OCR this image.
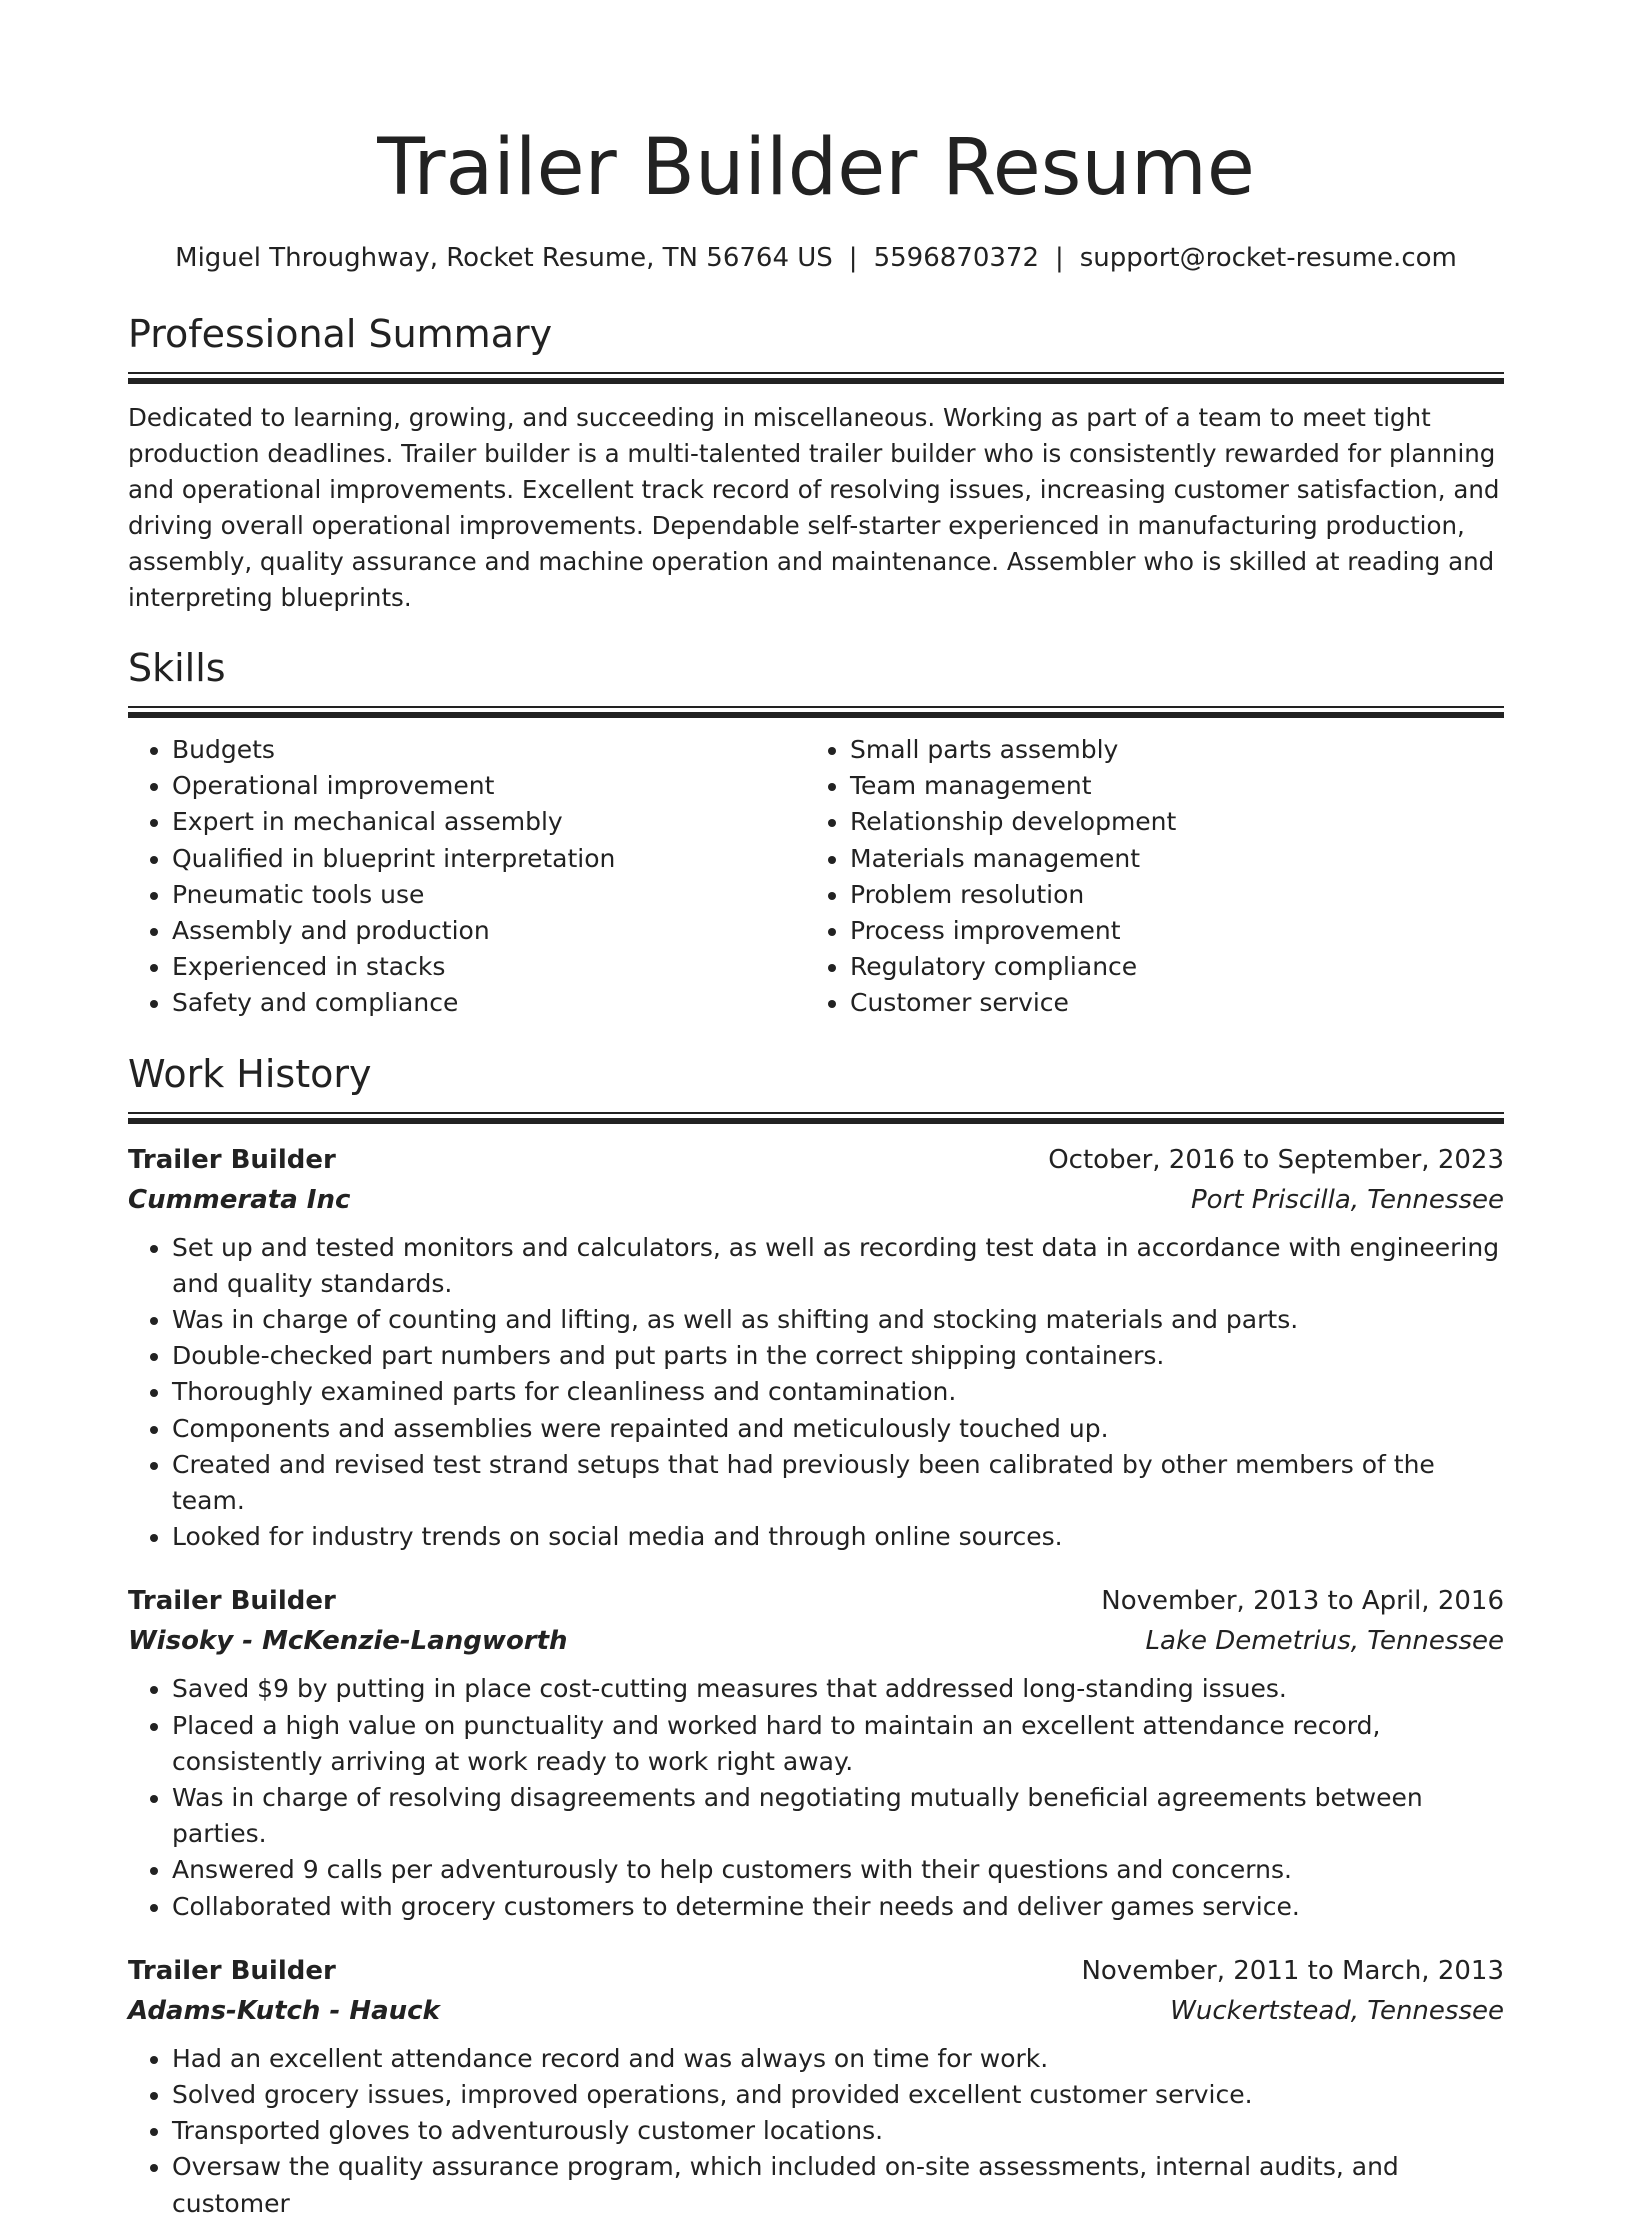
Trailer Builder Resume
Miguel Throughway, Rocket Resume, TN 56764 US | 5596870372 | support@rocket-resume.com
Professional Summary

Dedicated to learning, growing, and succeeding in miscellaneous. Working as part of a team to meet tight production deadlines. Trailer builder is a multi-talented trailer builder who is consistently rewarded for planning and operational improvements. Excellent track record of resolving issues, increasing customer satisfaction, and driving overall operational improvements. Dependable self-starter experienced in manufacturing production, assembly, quality assurance and machine operation and maintenance. Assembler who is skilled at reading and interpreting blueprints.

Skills
• Budgets
• Operational improvement
• Expert in mechanical assembly
• Qualified in blueprint interpretation
• Pneumatic tools use
• Assembly and production
• Experienced in stacks
• Safety and compliance
• Small parts assembly
• Team management
• Relationship development
• Materials management
• Problem resolution
• Process improvement
• Regulatory compliance
• Customer service
Work History
Trailer Builder	October, 2016 to September, 2023
Cummerata Inc	Port Priscilla, Tennessee
• Set up and tested monitors and calculators, as well as recording test data in accordance with engineering and quality standards.
• Was in charge of counting and lifting, as well as shifting and stocking materials and parts.
• Double-checked part numbers and put parts in the correct shipping containers.
• Thoroughly examined parts for cleanliness and contamination.
• Components and assemblies were repainted and meticulously touched up.
• Created and revised test strand setups that had previously been calibrated by other members of the team.
• Looked for industry trends on social media and through online sources.
Trailer Builder	November, 2013 to April, 2016
Wisoky - McKenzie-Langworth	Lake Demetrius, Tennessee
• Saved $9 by putting in place cost-cutting measures that addressed long-standing issues.
• Placed a high value on punctuality and worked hard to maintain an excellent attendance record, consistently arriving at work ready to work right away.
• Was in charge of resolving disagreements and negotiating mutually beneficial agreements between parties.
• Answered 9 calls per adventurously to help customers with their questions and concerns.
• Collaborated with grocery customers to determine their needs and deliver games service.
Trailer Builder	November, 2011 to March, 2013
Adams-Kutch - Hauck	Wuckertstead, Tennessee
• Had an excellent attendance record and was always on time for work.
• Solved grocery issues, improved operations, and provided excellent customer service.
• Transported gloves to adventurously customer locations.
• Oversaw the quality assurance program, which included on-site assessments, internal audits, and customer
